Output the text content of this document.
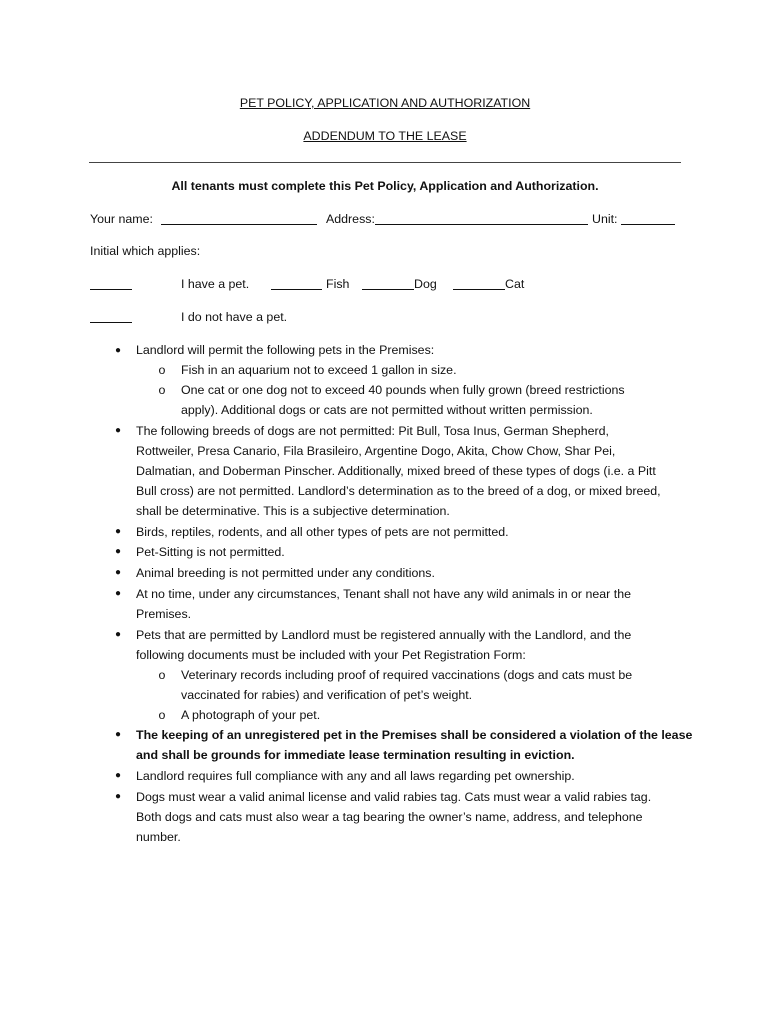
PET POLICY, APPLICATION AND AUTHORIZATION
ADDENDUM TO THE LEASE
All tenants must complete this Pet Policy, Application and Authorization.
Your name:	Address:	Unit:
Initial which applies:
I have a pet.	Fish	Dog	Cat
I do not have a pet.
● Landlord will permit the following pets in the Premises:
o Fish in an aquarium not to exceed 1 gallon in size.
o One cat or one dog not to exceed 40 pounds when fully grown (breed restrictions
apply). Additional dogs or cats are not permitted without written permission.
● The following breeds of dogs are not permitted: Pit Bull, Tosa Inus, German Shepherd,
Rottweiler, Presa Canario, Fila Brasileiro, Argentine Dogo, Akita, Chow Chow, Shar Pei,
Dalmatian, and Doberman Pinscher. Additionally, mixed breed of these types of dogs (i.e. a Pitt
Bull cross) are not permitted. Landlord’s determination as to the breed of a dog, or mixed breed,
shall be determinative. This is a subjective determination.
● Birds, reptiles, rodents, and all other types of pets are not permitted.
● Pet-Sitting is not permitted.
● Animal breeding is not permitted under any conditions.
● At no time, under any circumstances, Tenant shall not have any wild animals in or near the
Premises.
● Pets that are permitted by Landlord must be registered annually with the Landlord, and the
following documents must be included with your Pet Registration Form:
o Veterinary records including proof of required vaccinations (dogs and cats must be
vaccinated for rabies) and verification of pet’s weight.
o A photograph of your pet.
● The keeping of an unregistered pet in the Premises shall be considered a violation of the lease
and shall be grounds for immediate lease termination resulting in eviction.
● Landlord requires full compliance with any and all laws regarding pet ownership.
● Dogs must wear a valid animal license and valid rabies tag. Cats must wear a valid rabies tag.
Both dogs and cats must also wear a tag bearing the owner’s name, address, and telephone
number.
